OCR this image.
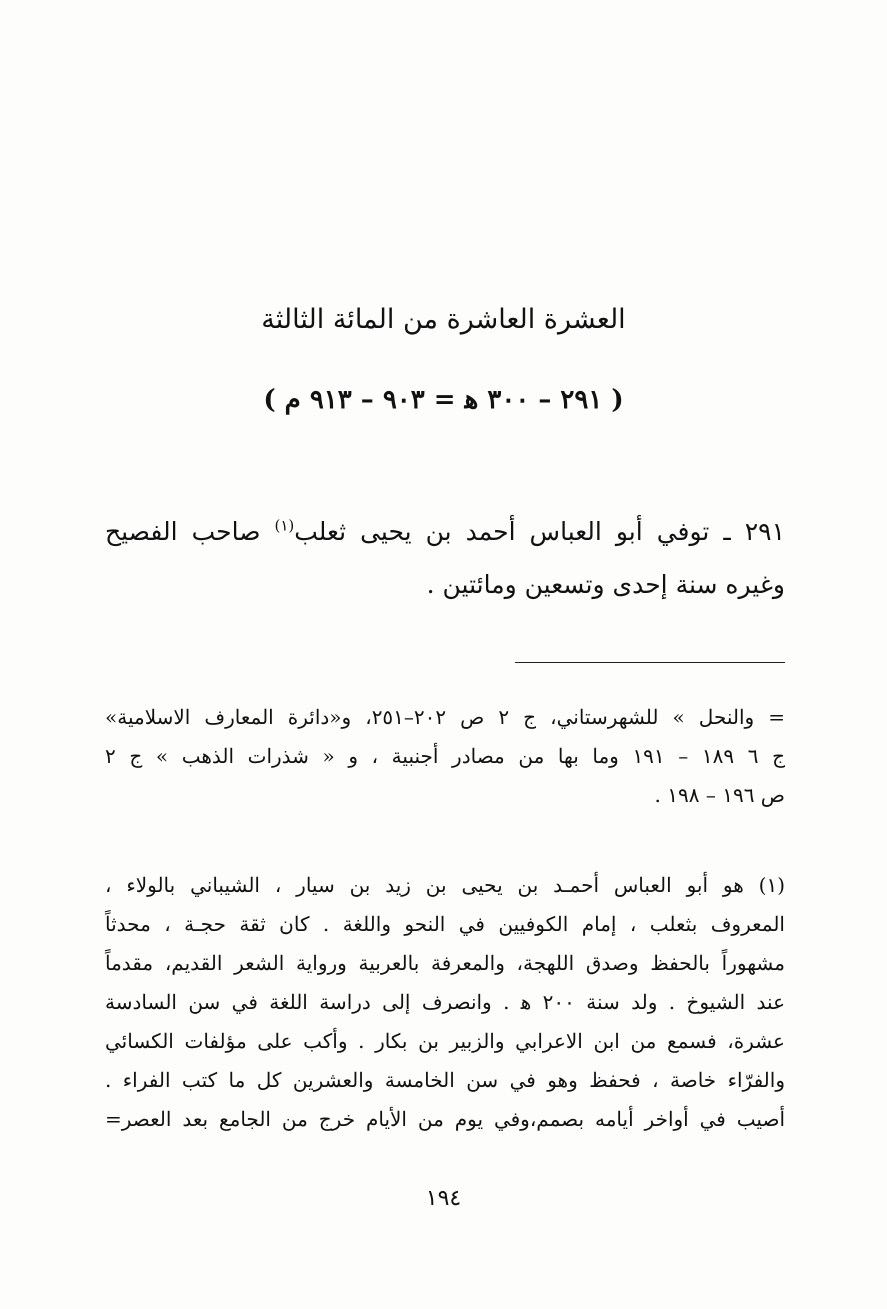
العشرة العاشرة من المائة الثالثة
( ٢٩١ – ٣٠٠ ﻫ = ٩٠٣ – ٩١٣ م )
٢٩١ ـ توفي أبو العباس أحمد بن يحيى ثعلب$^{(١)}$ صاحب الفصيح وغيره سنة إحدى وتسعين ومائتين .
= والنحل » للشهرستاني، ج ٢ ص ٢٠٢–٢٥١، و«دائرة المعارف الاسلامية»
ج ٦ ١٨٩ – ١٩١ وما بها من مصادر أجنبية ، و « شذرات الذهب » ج ٢
ص ١٩٦ – ١٩٨ .
(١) هو أبو العباس أحمـد بن يحيى بن زيد بن سيار ، الشيباني بالولاء ،
المعروف بثعلب ، إمام الكوفيين في النحو واللغة . كان ثقة حجـة ، محدثاً
مشهوراً بالحفظ وصدق اللهجة، والمعرفة بالعربية ورواية الشعر القديم، مقدماً
عند الشيوخ . ولد سنة ٢٠٠ ﻫ . وانصرف إلى دراسة اللغة في سن السادسة
عشرة، فسمع من ابن الاعرابي والزبير بن بكار . وأكب على مؤلفات الكسائي
والفرّاء خاصة ، فحفظ وهو في سن الخامسة والعشرين كل ما كتب الفراء .
أصيب في أواخر أيامه بصمم،وفي يوم من الأيام خرج من الجامع بعد العصر=
١٩٤
